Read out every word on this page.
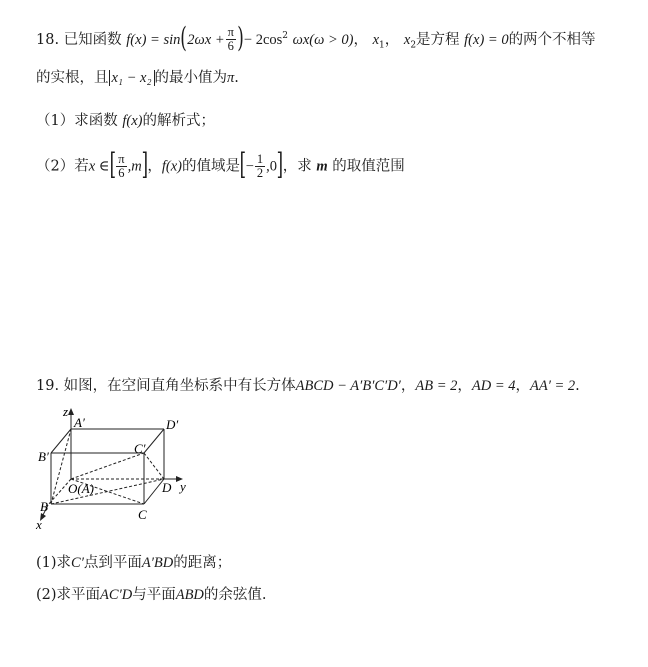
18. 已知函数 $f(x) = \sin(2\omega x + \frac{\pi}{6}$ )− $2\cos^2$ ωx(ω > 0)， $x_1$， $x_2$是方程 f(x) = 0的两个不相等
的实根，且 x₁ − x₂ 的最小值为π.
（1）求函数 f(x)的解析式；
（2）若x ∈[ $\frac{\pi}{6} ,m$]，f(x)的值域是[− $\frac{1}{2} ,0$]，求 m 的取值范围
19. 如图，在空间直角坐标系中有长方体ABCD − A′B′C′D′，AB = 2，AD = 4，AA′ = 2.
z
A′	D′
B′
C′
O(A)	D y
B
C
x
(1)求C′点到平面A′BD的距离；
(2)求平面AC′D与平面ABD的余弦值.
